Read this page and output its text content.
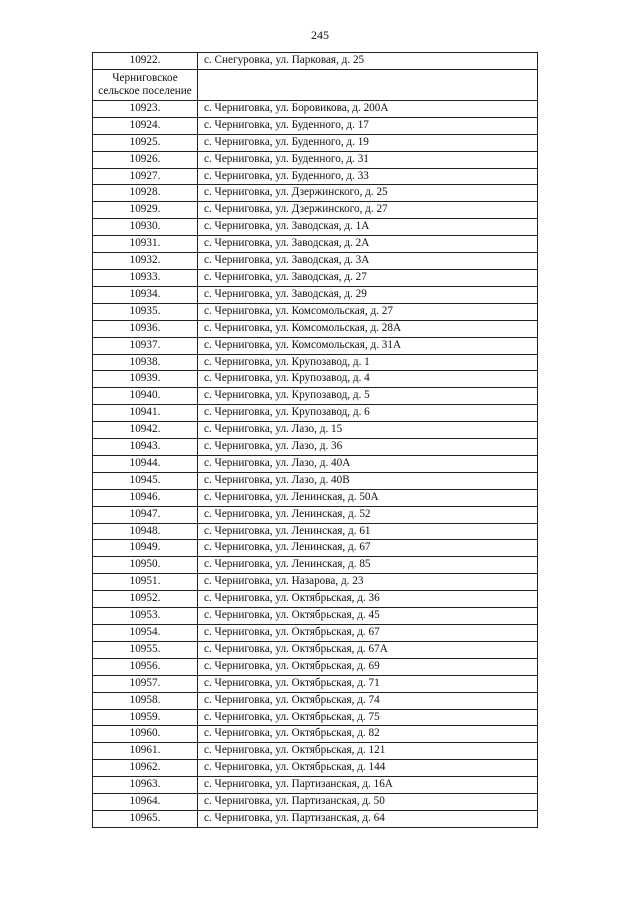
245
10922.	с. Снегуровка, ул. Парковая, д. 25
Черниговское сельское поселение	
10923.	с. Черниговка, ул. Боровикова, д. 200А
10924.	с. Черниговка, ул. Буденного, д. 17
10925.	с. Черниговка, ул. Буденного, д. 19
10926.	с. Черниговка, ул. Буденного, д. 31
10927.	с. Черниговка, ул. Буденного, д. 33
10928.	с. Черниговка, ул. Дзержинского, д. 25
10929.	с. Черниговка, ул. Дзержинского, д. 27
10930.	с. Черниговка, ул. Заводская, д. 1А
10931.	с. Черниговка, ул. Заводская, д. 2А
10932.	с. Черниговка, ул. Заводская, д. 3А
10933.	с. Черниговка, ул. Заводская, д. 27
10934.	с. Черниговка, ул. Заводская, д. 29
10935.	с. Черниговка, ул. Комсомольская, д. 27
10936.	с. Черниговка, ул. Комсомольская, д. 28А
10937.	с. Черниговка, ул. Комсомольская, д. 31А
10938.	с. Черниговка, ул. Крупозавод, д. 1
10939.	с. Черниговка, ул. Крупозавод, д. 4
10940.	с. Черниговка, ул. Крупозавод, д. 5
10941.	с. Черниговка, ул. Крупозавод, д. 6
10942.	с. Черниговка, ул. Лазо, д. 15
10943.	с. Черниговка, ул. Лазо, д. 36
10944.	с. Черниговка, ул. Лазо, д. 40А
10945.	с. Черниговка, ул. Лазо, д. 40В
10946.	с. Черниговка, ул. Ленинская, д. 50А
10947.	с. Черниговка, ул. Ленинская, д. 52
10948.	с. Черниговка, ул. Ленинская, д. 61
10949.	с. Черниговка, ул. Ленинская, д. 67
10950.	с. Черниговка, ул. Ленинская, д. 85
10951.	с. Черниговка, ул. Назарова, д. 23
10952.	с. Черниговка, ул. Октябрьская, д. 36
10953.	с. Черниговка, ул. Октябрьская, д. 45
10954.	с. Черниговка, ул. Октябрьская, д. 67
10955.	с. Черниговка, ул. Октябрьская, д. 67А
10956.	с. Черниговка, ул. Октябрьская, д. 69
10957.	с. Черниговка, ул. Октябрьская, д. 71
10958.	с. Черниговка, ул. Октябрьская, д. 74
10959.	с. Черниговка, ул. Октябрьская, д. 75
10960.	с. Черниговка, ул. Октябрьская, д. 82
10961.	с. Черниговка, ул. Октябрьская, д. 121
10962.	с. Черниговка, ул. Октябрьская, д. 144
10963.	с. Черниговка, ул. Партизанская, д. 16А
10964.	с. Черниговка, ул. Партизанская, д. 50
10965.	с. Черниговка, ул. Партизанская, д. 64
